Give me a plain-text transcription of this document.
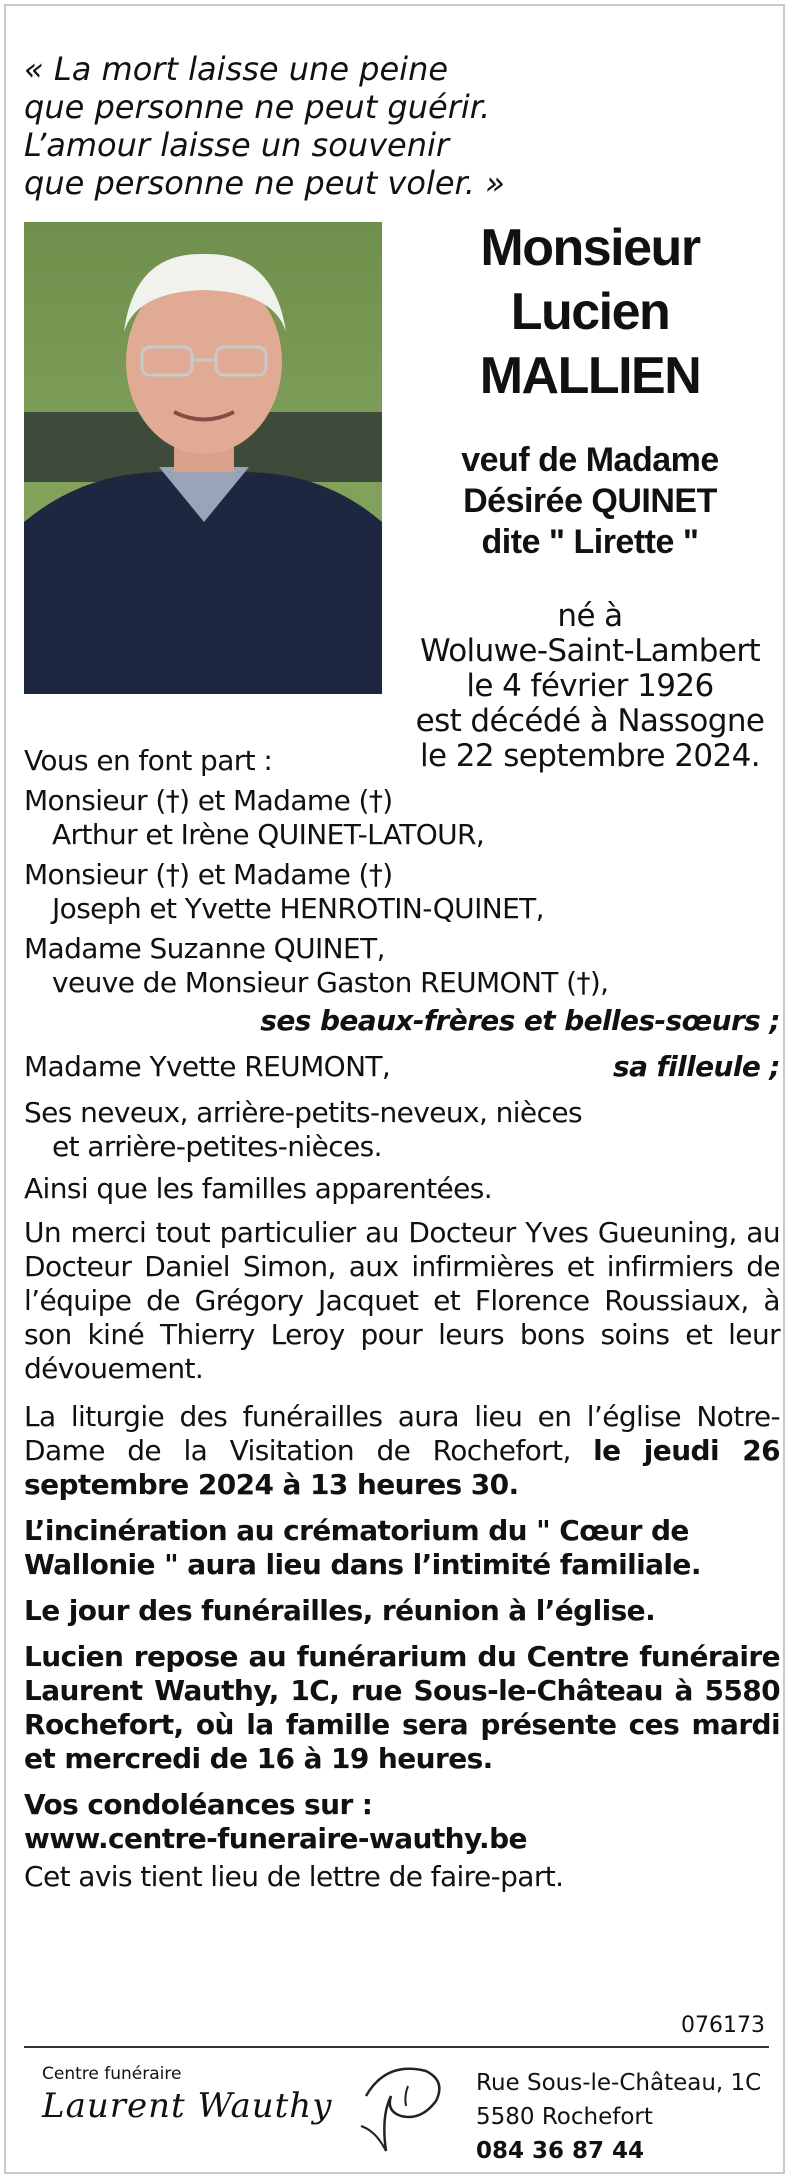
« La mort laisse une peine
que personne ne peut guérir.
L’amour laisse un souvenir
que personne ne peut voler. »
Monsieur
Lucien MALLIEN
veuf de Madame
Désirée QUINET
dite " Lirette "
né à
Woluwe-Saint-Lambert
le 4 février 1926
est décédé à Nassogne
le 22 septembre 2024.
Vous en font part :
Monsieur (†) et Madame (†)
Arthur et Irène QUINET-LATOUR,
Monsieur (†) et Madame (†)
Joseph et Yvette HENROTIN-QUINET,
Madame Suzanne QUINET,
veuve de Monsieur Gaston REUMONT (†),
ses beaux-frères et belles-sœurs ;
Madame Yvette REUMONT,	sa filleule ;
Ses neveux, arrière-petits-neveux, nièces
et arrière-petites-nièces.
Ainsi que les familles apparentées.
Un merci tout particulier au Docteur Yves Gueuning, au Docteur Daniel Simon, aux infirmières et infirmiers de l’équipe de Grégory Jacquet et Florence Roussiaux, à son kiné Thierry Leroy pour leurs bons soins et leur dévouement.
La liturgie des funérailles aura lieu en l’église Notre-Dame de la Visitation de Rochefort, le jeudi 26 septembre 2024 à 13 heures 30.
L’incinération au crématorium du " Cœur de Wallonie " aura lieu dans l’intimité familiale.
Le jour des funérailles, réunion à l’église.
Lucien repose au funérarium du Centre funéraire Laurent Wauthy, 1C, rue Sous-le-Château à 5580 Rochefort, où la famille sera présente ces mardi et mercredi de 16 à 19 heures.
Vos condoléances sur :
www.centre-funeraire-wauthy.be
Cet avis tient lieu de lettre de faire-part.
076173
Centre funéraire
Laurent Wauthy
Rue Sous-le-Château, 1C
5580 Rochefort
084 36 87 44
